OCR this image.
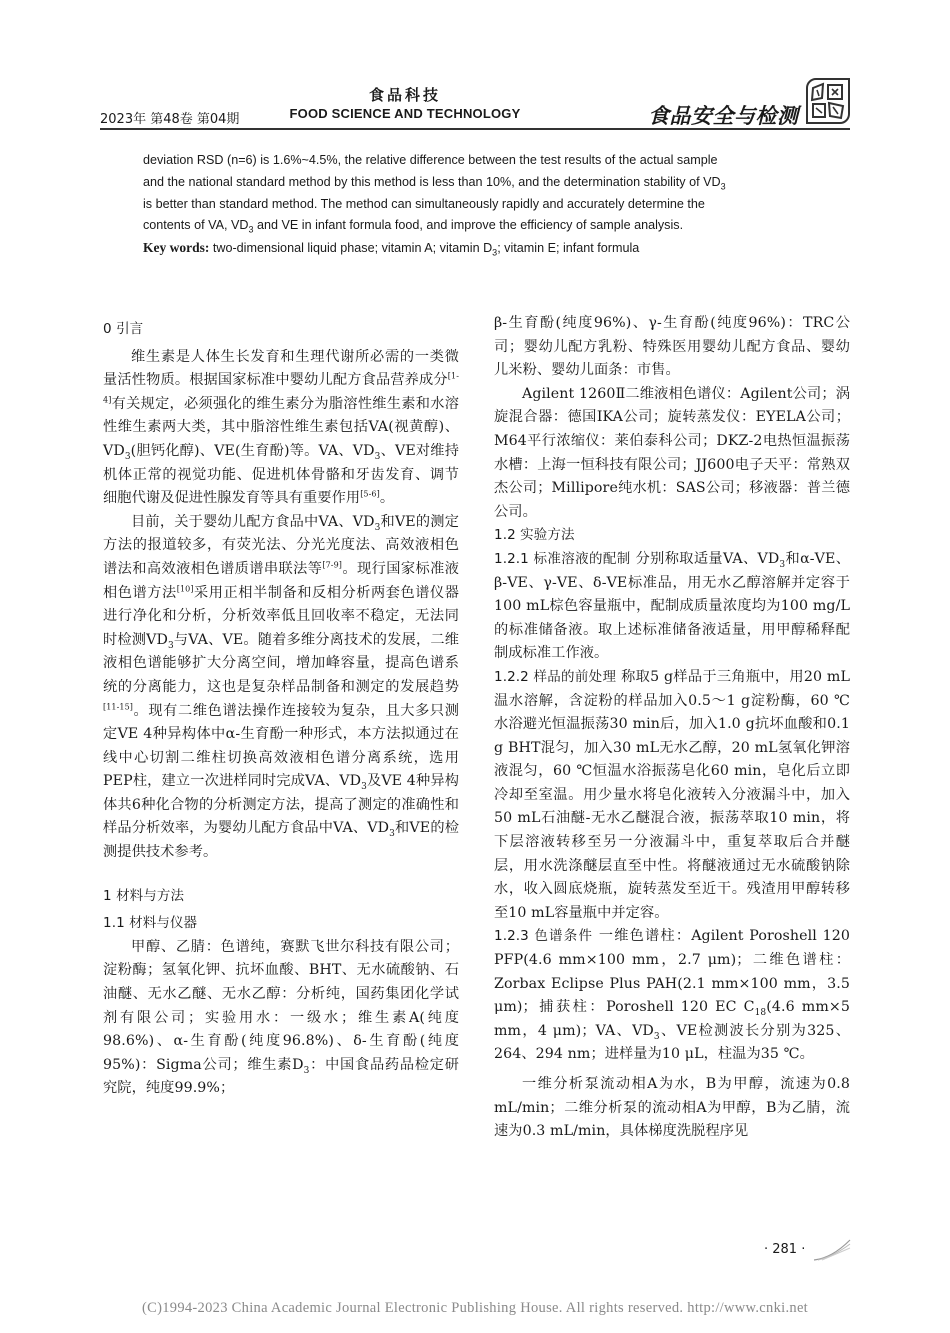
2023年 第48卷 第04期
食品科技
FOOD SCIENCE AND TECHNOLOGY	食品安全与检测

deviation RSD (n=6) is 1.6%~4.5%, the relative difference between the test results of the actual sample

and the national standard method by this method is less than 10%, and the determination stability of $VD_3$

is better than standard method. The method can simultaneously rapidly and accurately determine the

contents of VA, $VD_3$ and VE in infant formula food, and improve the efficiency of sample analysis.

Key words: two-dimensional liquid phase; vitamin A; vitamin $D_3$; vitamin E; infant formula

0 引言

维生素是人体生长发育和生理代谢所必需的一类微量活性物质。根据国家标准中婴幼儿配方食品营养成分[1-4]有关规定，必须强化的维生素分为脂溶性维生素和水溶性维生素两大类，其中脂溶性维生素包括VA(视黄醇)、$VD_3$(胆钙化醇)、VE(生育酚)等。VA、$VD_3$、VE对维持机体正常的视觉功能、促进机体骨骼和牙齿发育、调节细胞代谢及促进性腺发育等具有重要作用[5-6]。

目前，关于婴幼儿配方食品中VA、$VD_3$和VE的测定方法的报道较多，有荧光法、分光光度法、高效液相色谱法和高效液相色谱质谱串联法等[7-9]。现行国家标准液相色谱方法[10]采用正相半制备和反相分析两套色谱仪器进行净化和分析，分析效率低且回收率不稳定，无法同时检测$VD_3$与VA、VE。随着多维分离技术的发展，二维液相色谱能够扩大分离空间，增加峰容量，提高色谱系统的分离能力，这也是复杂样品制备和测定的发展趋势[11-15]。现有二维色谱法操作连接较为复杂，且大多只测定VE 4种异构体中α-生育酚一种形式，本方法拟通过在线中心切割二维柱切换高效液相色谱分离系统，选用PEP柱，建立一次进样同时完成VA、$VD_3$及VE 4种异构体共6种化合物的分析测定方法，提高了测定的准确性和样品分析效率，为婴幼儿配方食品中VA、$VD_3$和VE的检测提供技术参考。

1 材料与方法

1.1 材料与仪器

甲醇、乙腈：色谱纯，赛默飞世尔科技有限公司；淀粉酶；氢氧化钾、抗坏血酸、BHT、无水硫酸钠、石油醚、无水乙醚、无水乙醇：分析纯，国药集团化学试剂有限公司；实验用水：一级水；维生素A(纯度98.6%)、α-生育酚(纯度96.8%)、δ-生育酚(纯度95%)：Sigma公司；维生素$D_3$：中国食品药品检定研究院，纯度99.9%；

β-生育酚(纯度96%)、γ-生育酚(纯度96%)：TRC公司；婴幼儿配方乳粉、特殊医用婴幼儿配方食品、婴幼儿米粉、婴幼儿面条：市售。

Agilent 1260Ⅱ二维液相色谱仪：Agilent公司；涡旋混合器：德国IKA公司；旋转蒸发仪：EYELA公司；M64平行浓缩仪：莱伯泰科公司；DKZ-2电热恒温振荡水槽：上海一恒科技有限公司；JJ600电子天平：常熟双杰公司；Millipore纯水机：SAS公司；移液器：普兰德公司。

1.2 实验方法

1.2.1 标准溶液的配制 分别称取适量VA、$VD_3$和α-VE、β-VE、γ-VE、δ-VE标准品，用无水乙醇溶解并定容于100 mL棕色容量瓶中，配制成质量浓度均为100 mg/L的标准储备液。取上述标准储备液适量，用甲醇稀释配制成标准工作液。

1.2.2 样品的前处理 称取5 g样品于三角瓶中，用20 mL温水溶解，含淀粉的样品加入0.5～1 g淀粉酶，60 ℃水浴避光恒温振荡30 min后，加入1.0 g抗坏血酸和0.1 g BHT混匀，加入30 mL无水乙醇，20 mL氢氧化钾溶液混匀，60 ℃恒温水浴振荡皂化60 min，皂化后立即冷却至室温。用少量水将皂化液转入分液漏斗中，加入50 mL石油醚-无水乙醚混合液，振荡萃取10 min，将下层溶液转移至另一分液漏斗中，重复萃取后合并醚层，用水洗涤醚层直至中性。将醚液通过无水硫酸钠除水，收入圆底烧瓶，旋转蒸发至近干。残渣用甲醇转移至10 mL容量瓶中并定容。

1.2.3 色谱条件 一维色谱柱：Agilent Poroshell 120 PFP(4.6 mm×100 mm，2.7 μm)；二维色谱柱：Zorbax Eclipse Plus PAH(2.1 mm×100 mm，3.5 μm)；捕获柱：Poroshell 120 EC $C_{18}(4.6$ mm×5 mm，4 μm)；VA、$VD_3$、VE检测波长分别为325、264、294 nm；进样量为10 μL，柱温为35 ℃。

一维分析泵流动相A为水，B为甲醇，流速为0.8 mL/min；二维分析泵的流动相A为甲醇，B为乙腈，流速为0.3 mL/min，具体梯度洗脱程序见

· 281 ·
(C)1994-2023 China Academic Journal Electronic Publishing House. All rights reserved. http://www.cnki.net
